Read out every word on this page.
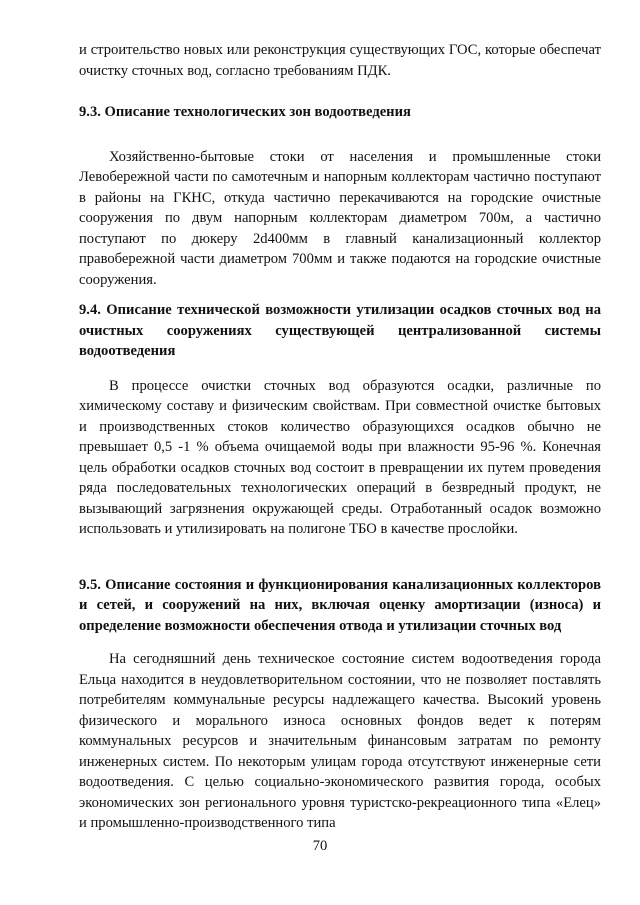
и строительство новых или реконструкция существующих ГОС, которые обеспечат очистку сточных вод, согласно требованиям ПДК.

9.3. Описание технологических зон водоотведения

Хозяйственно-бытовые стоки от населения и промышленные стоки Левобережной части по самотечным и напорным коллекторам частично поступают в районы на ГКНС, откуда частично перекачиваются на городские очистные сооружения по двум напорным коллекторам диаметром 700м, а частично поступают по дюкеру 2d400мм в главный канализационный коллектор правобережной части диаметром 700мм и также подаются на городские очистные сооружения.

9.4. Описание технической возможности утилизации осадков сточных вод на очистных сооружениях существующей централизованной системы водоотведения

В процессе очистки сточных вод образуются осадки, различные по химическому составу и физическим свойствам. При совместной очистке бытовых и производственных стоков количество образующихся осадков обычно не превышает 0,5 -1 % объема очищаемой воды при влажности 95-96 %. Конечная цель обработки осадков сточных вод состоит в превращении их путем проведения ряда последовательных технологических операций в безвредный продукт, не вызывающий загрязнения окружающей среды. Отработанный осадок возможно использовать и утилизировать на полигоне ТБО в качестве прослойки.

9.5. Описание состояния и функционирования канализационных коллекторов и сетей, и сооружений на них, включая оценку амортизации (износа) и определение возможности обеспечения отвода и утилизации сточных вод

На сегодняшний день техническое состояние систем водоотведения города Ельца находится в неудовлетворительном состоянии, что не позволяет поставлять потребителям коммунальные ресурсы надлежащего качества. Высокий уровень физического и морального износа основных фондов ведет к потерям коммунальных ресурсов и значительным финансовым затратам по ремонту инженерных систем. По некоторым улицам города отсутствуют инженерные сети водоотведения. С целью социально-экономического развития города, особых экономических зон регионального уровня туристско-рекреационного типа «Елец» и промышленно-производственного типа

70
